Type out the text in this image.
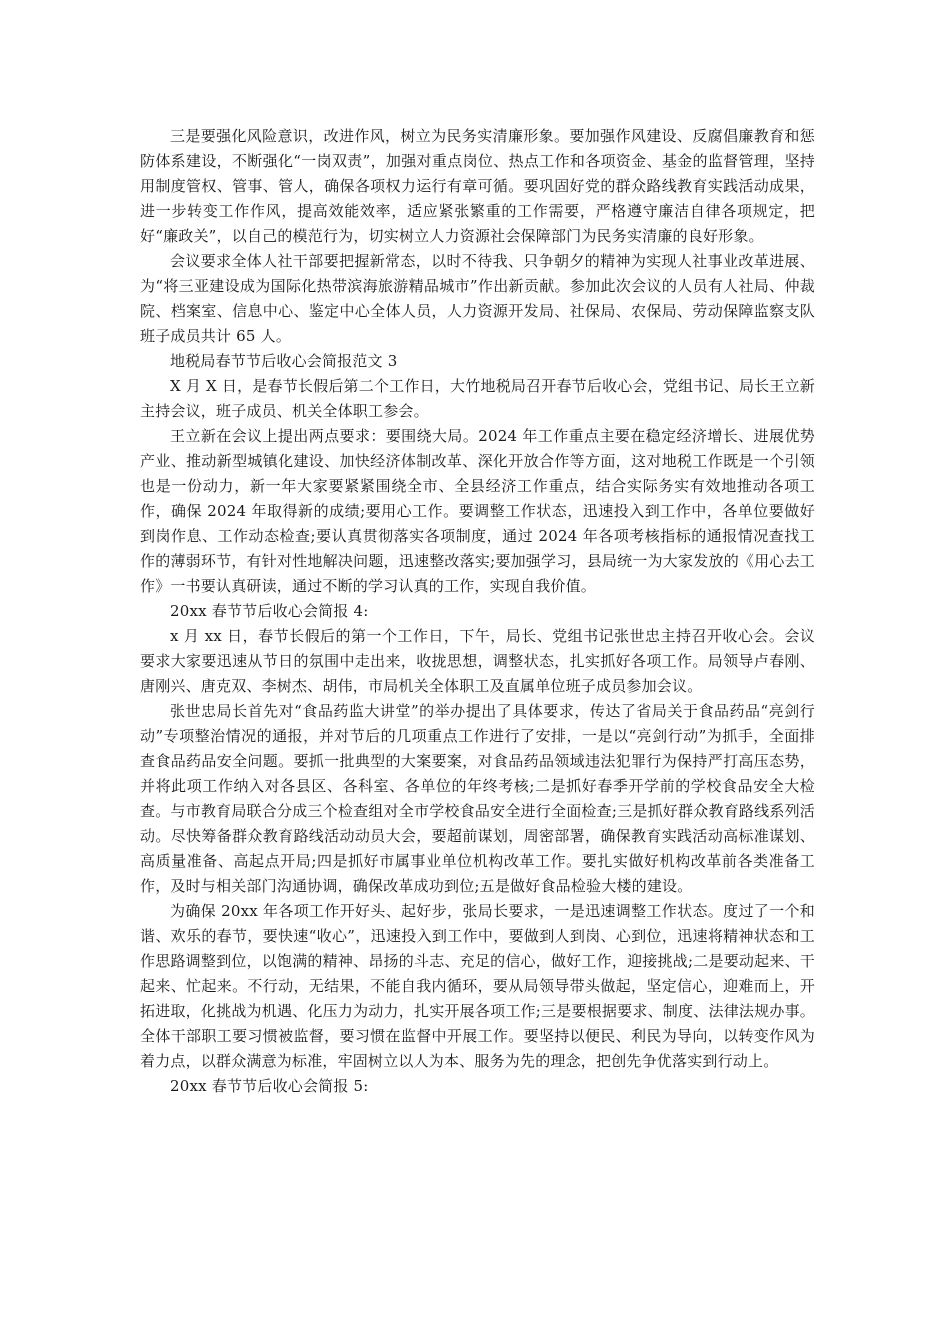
三是要强化风险意识，改进作风，树立为民务实清廉形象。要加强作风建设、反腐倡廉教育和惩防体系建设，不断强化“一岗双责”，加强对重点岗位、热点工作和各项资金、基金的监督管理，坚持用制度管权、管事、管人，确保各项权力运行有章可循。要巩固好党的群众路线教育实践活动成果，进一步转变工作作风，提高效能效率，适应紧张繁重的工作需要，严格遵守廉洁自律各项规定，把好“廉政关”，以自己的模范行为，切实树立人力资源社会保障部门为民务实清廉的良好形象。

会议要求全体人社干部要把握新常态，以时不待我、只争朝夕的精神为实现人社事业改革进展、为“将三亚建设成为国际化热带滨海旅游精品城市”作出新贡献。参加此次会议的人员有人社局、仲裁院、档案室、信息中心、鉴定中心全体人员，人力资源开发局、社保局、农保局、劳动保障监察支队班子成员共计 65 人。

地税局春节节后收心会简报范文 3

X 月 X 日，是春节长假后第二个工作日，大竹地税局召开春节后收心会，党组书记、局长王立新主持会议，班子成员、机关全体职工参会。

王立新在会议上提出两点要求：要围绕大局。2024 年工作重点主要在稳定经济增长、进展优势产业、推动新型城镇化建设、加快经济体制改革、深化开放合作等方面，这对地税工作既是一个引领也是一份动力，新一年大家要紧紧围绕全市、全县经济工作重点，结合实际务实有效地推动各项工作，确保 2024 年取得新的成绩;要用心工作。要调整工作状态，迅速投入到工作中，各单位要做好到岗作息、工作动态检查;要认真贯彻落实各项制度，通过 2024 年各项考核指标的通报情况查找工作的薄弱环节，有针对性地解决问题，迅速整改落实;要加强学习，县局统一为大家发放的《用心去工作》一书要认真研读，通过不断的学习认真的工作，实现自我价值。

20xx 春节节后收心会简报 4:

x 月 xx 日，春节长假后的第一个工作日，下午，局长、党组书记张世忠主持召开收心会。会议要求大家要迅速从节日的氛围中走出来，收拢思想，调整状态，扎实抓好各项工作。局领导卢春刚、唐刚兴、唐克双、李树杰、胡伟，市局机关全体职工及直属单位班子成员参加会议。

张世忠局长首先对“食品药监大讲堂”的举办提出了具体要求，传达了省局关于食品药品“亮剑行动”专项整治情况的通报，并对节后的几项重点工作进行了安排，一是以“亮剑行动”为抓手，全面排查食品药品安全问题。要抓一批典型的大案要案，对食品药品领域违法犯罪行为保持严打高压态势，并将此项工作纳入对各县区、各科室、各单位的年终考核;二是抓好春季开学前的学校食品安全大检查。与市教育局联合分成三个检查组对全市学校食品安全进行全面检查;三是抓好群众教育路线系列活动。尽快筹备群众教育路线活动动员大会，要超前谋划，周密部署，确保教育实践活动高标准谋划、高质量准备、高起点开局;四是抓好市属事业单位机构改革工作。要扎实做好机构改革前各类准备工作，及时与相关部门沟通协调，确保改革成功到位;五是做好食品检验大楼的建设。

为确保 20xx 年各项工作开好头、起好步，张局长要求，一是迅速调整工作状态。度过了一个和谐、欢乐的春节，要快速“收心”，迅速投入到工作中，要做到人到岗、心到位，迅速将精神状态和工作思路调整到位，以饱满的精神、昂扬的斗志、充足的信心，做好工作，迎接挑战;二是要动起来、干起来、忙起来。不行动，无结果，不能自我内循环，要从局领导带头做起，坚定信心，迎难而上，开拓进取，化挑战为机遇、化压力为动力，扎实开展各项工作;三是要根据要求、制度、法律法规办事。全体干部职工要习惯被监督，要习惯在监督中开展工作。要坚持以便民、利民为导向，以转变作风为着力点，以群众满意为标准，牢固树立以人为本、服务为先的理念，把创先争优落实到行动上。

20xx 春节节后收心会简报 5:
